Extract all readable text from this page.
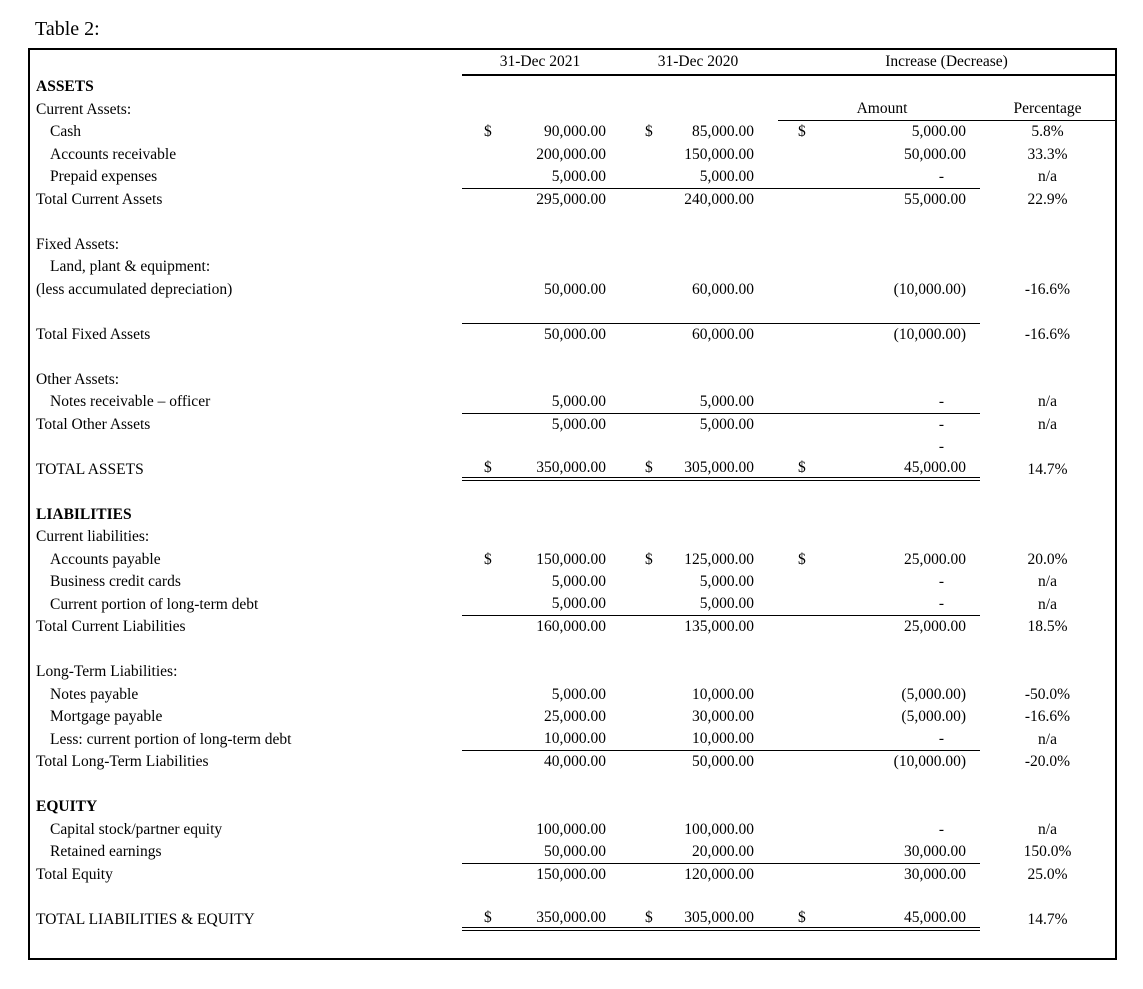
Table 2:
31-Dec 2021	31-Dec 2020	Increase (Decrease)
ASSETS
Current Assets:	Amount	Percentage
Cash	$	90,000.00	$	85,000.00	$	5,000.00	5.8%
Accounts receivable	200,000.00	150,000.00	50,000.00	33.3%
Prepaid expenses	5,000.00	5,000.00	-	n/a
Total Current Assets	295,000.00	240,000.00	55,000.00	22.9%
Fixed Assets:
Land, plant & equipment:
(less accumulated depreciation)	50,000.00	60,000.00	(10,000.00)	-16.6%
Total Fixed Assets	50,000.00	60,000.00	(10,000.00)	-16.6%
Other Assets:
Notes receivable – officer	5,000.00	5,000.00	-	n/a
Total Other Assets	5,000.00	5,000.00	-	n/a
-
TOTAL ASSETS	$	350,000.00	$ 305,000.00	$	45,000.00	14.7%
LIABILITIES
Current liabilities:
Accounts payable	$	150,000.00	$ 125,000.00	$	25,000.00	20.0%
Business credit cards	5,000.00	5,000.00	-	n/a
Current portion of long-term debt	5,000.00	5,000.00	-	n/a
Total Current Liabilities	160,000.00	135,000.00	25,000.00	18.5%
Long-Term Liabilities:
Notes payable	5,000.00	10,000.00	(5,000.00)	-50.0%
Mortgage payable	25,000.00	30,000.00	(5,000.00)	-16.6%
Less: current portion of long-term debt	10,000.00	10,000.00	-	n/a
Total Long-Term Liabilities	40,000.00	50,000.00	(10,000.00)	-20.0%
EQUITY
Capital stock/partner equity	100,000.00	100,000.00	-	n/a
Retained earnings	50,000.00	20,000.00	30,000.00	150.0%
Total Equity	150,000.00	120,000.00	30,000.00	25.0%
TOTAL LIABILITIES & EQUITY	$	350,000.00	$ 305,000.00	$	45,000.00	14.7%
